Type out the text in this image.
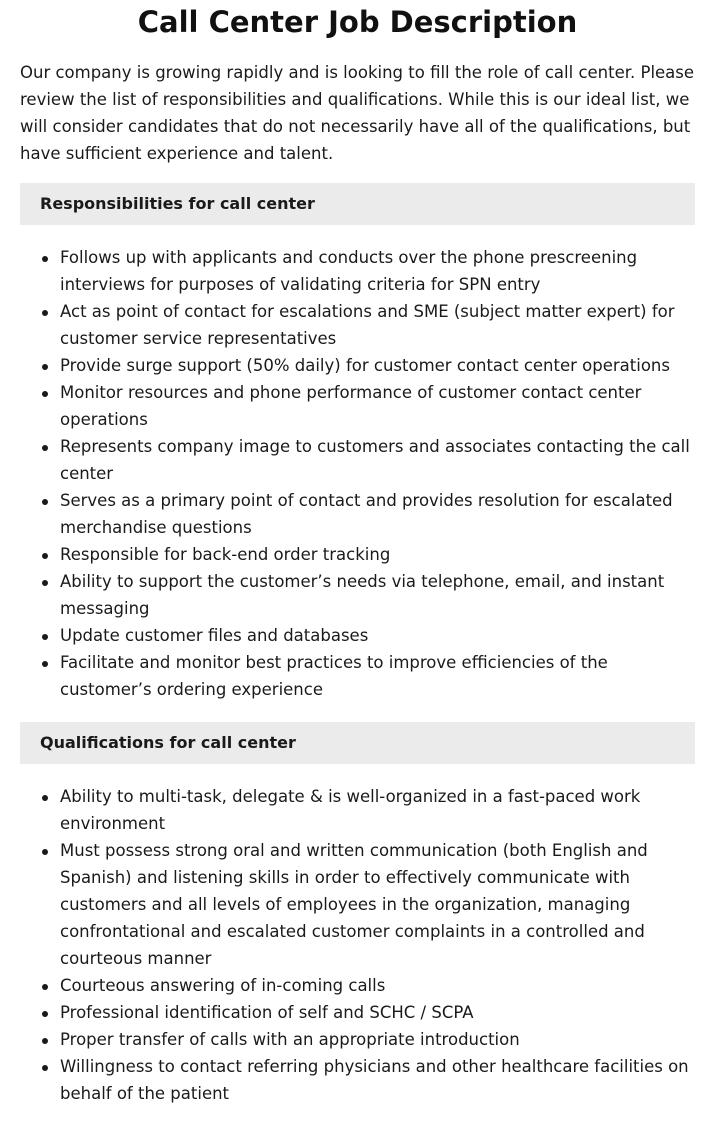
Call Center Job Description

Our company is growing rapidly and is looking to fill the role of call center. Please review the list of responsibilities and qualifications. While this is our ideal list, we will consider candidates that do not necessarily have all of the qualifications, but have sufficient experience and talent.

Responsibilities for call center
Follows up with applicants and conducts over the phone prescreening interviews for purposes of validating criteria for SPN entry
Act as point of contact for escalations and SME (subject matter expert) for customer service representatives
Provide surge support (50% daily) for customer contact center operations
Monitor resources and phone performance of customer contact center operations
Represents company image to customers and associates contacting the call center
Serves as a primary point of contact and provides resolution for escalated merchandise questions
Responsible for back-end order tracking
Ability to support the customer’s needs via telephone, email, and instant messaging
Update customer files and databases
Facilitate and monitor best practices to improve efficiencies of the customer’s ordering experience
Qualifications for call center
Ability to multi-task, delegate & is well-organized in a fast-paced work environment
Must possess strong oral and written communication (both English and Spanish) and listening skills in order to effectively communicate with customers and all levels of employees in the organization, managing confrontational and escalated customer complaints in a controlled and courteous manner
Courteous answering of in-coming calls
Professional identification of self and SCHC / SCPA
Proper transfer of calls with an appropriate introduction
Willingness to contact referring physicians and other healthcare facilities on behalf of the patient
